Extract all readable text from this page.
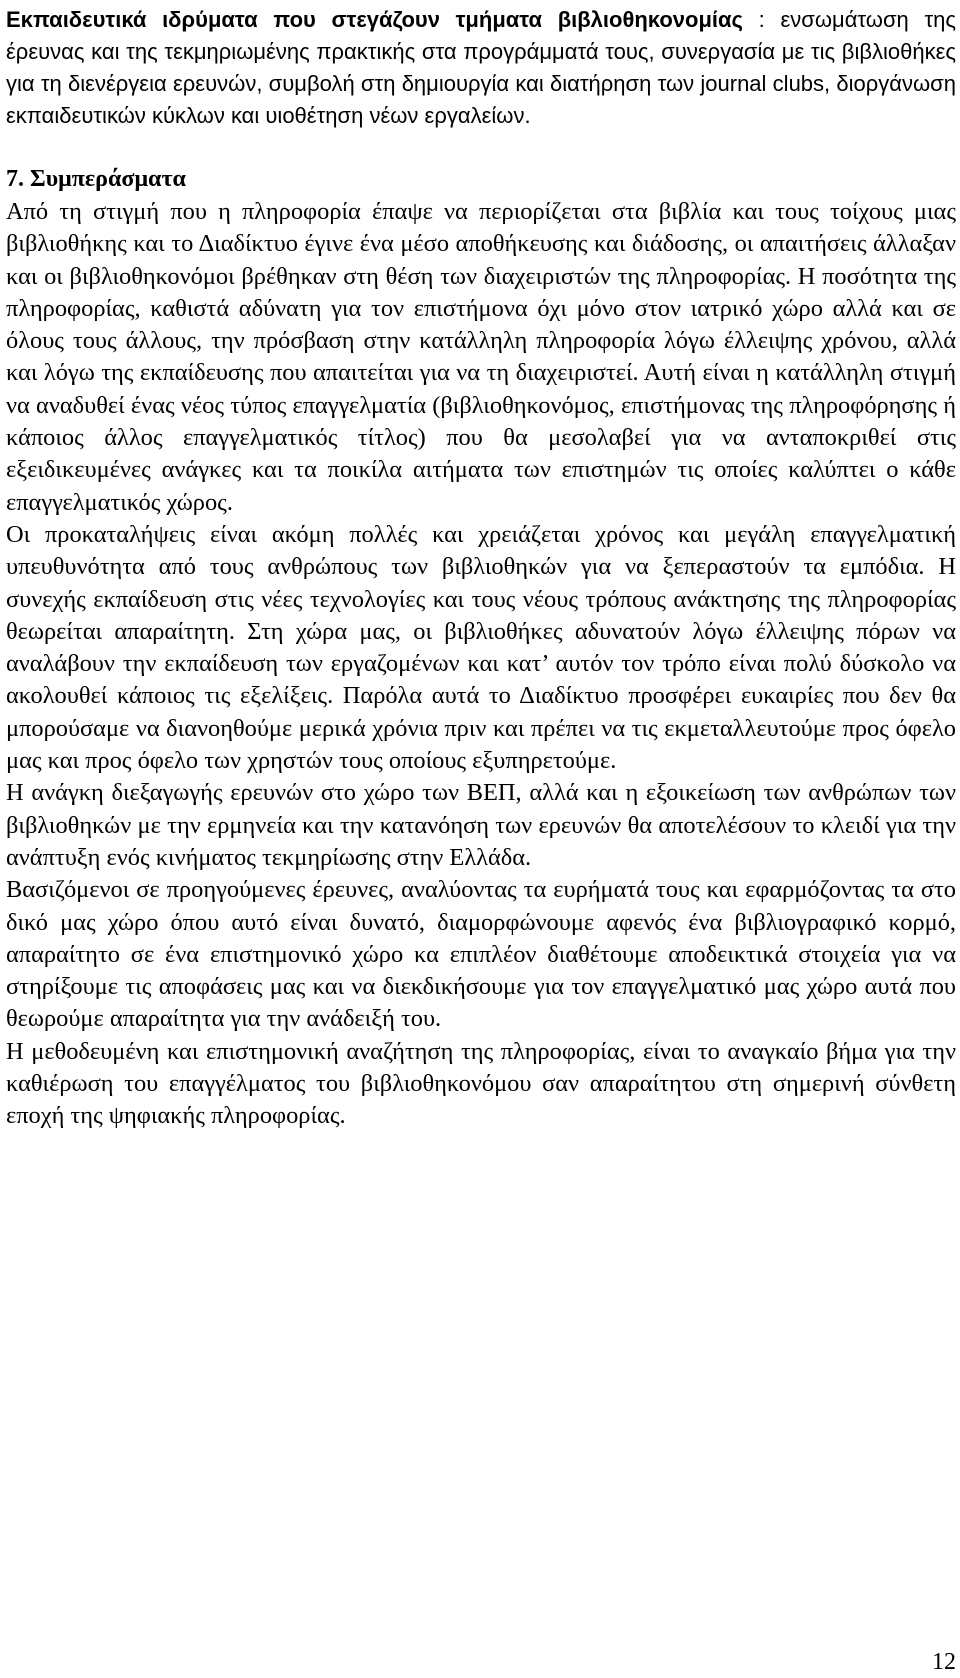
Εκπαιδευτικά ιδρύματα που στεγάζουν τμήματα βιβλιοθηκονομίας : ενσωμάτωση της έρευνας και της τεκμηριωμένης πρακτικής στα προγράμματά τους, συνεργασία με τις βιβλιοθήκες για τη διενέργεια ερευνών, συμβολή στη δημιουργία και διατήρηση των journal clubs, διοργάνωση εκπαιδευτικών κύκλων και υιοθέτηση νέων εργαλείων.

7. Συμπεράσματα

Από τη στιγμή που η πληροφορία έπαψε να περιορίζεται στα βιβλία και τους τοίχους μιας βιβλιοθήκης και το Διαδίκτυο έγινε ένα μέσο αποθήκευσης και διάδοσης, οι απαιτήσεις άλλαξαν και οι βιβλιοθηκονόμοι βρέθηκαν στη θέση των διαχειριστών της πληροφορίας. Η ποσότητα της πληροφορίας, καθιστά αδύνατη για τον επιστήμονα όχι μόνο στον ιατρικό χώρο αλλά και σε όλους τους άλλους, την πρόσβαση στην κατάλληλη πληροφορία λόγω έλλειψης χρόνου, αλλά και λόγω της εκπαίδευσης που απαιτείται για να τη διαχειριστεί. Αυτή είναι η κατάλληλη στιγμή να αναδυθεί ένας νέος τύπος επαγγελματία (βιβλιοθηκονόμος, επιστήμονας της πληροφόρησης ή κάποιος άλλος επαγγελματικός τίτλος) που θα μεσολαβεί για να ανταποκριθεί στις εξειδικευμένες ανάγκες και τα ποικίλα αιτήματα των επιστημών τις οποίες καλύπτει ο κάθε επαγγελματικός χώρος.

Οι προκαταλήψεις είναι ακόμη πολλές και χρειάζεται χρόνος και μεγάλη επαγγελματική υπευθυνότητα από τους ανθρώπους των βιβλιοθηκών για να ξεπεραστούν τα εμπόδια. Η συνεχής εκπαίδευση στις νέες τεχνολογίες και τους νέους τρόπους ανάκτησης της πληροφορίας θεωρείται απαραίτητη. Στη χώρα μας, οι βιβλιοθήκες αδυνατούν λόγω έλλειψης πόρων να αναλάβουν την εκπαίδευση των εργαζομένων και κατ’ αυτόν τον τρόπο είναι πολύ δύσκολο να ακολουθεί κάποιος τις εξελίξεις. Παρόλα αυτά το Διαδίκτυο προσφέρει ευκαιρίες που δεν θα μπορούσαμε να διανοηθούμε μερικά χρόνια πριν και πρέπει να τις εκμεταλλευτούμε προς όφελο μας και προς όφελο των χρηστών τους οποίους εξυπηρετούμε.

Η ανάγκη διεξαγωγής ερευνών στο χώρο των ΒΕΠ, αλλά και η εξοικείωση των ανθρώπων των βιβλιοθηκών με την ερμηνεία και την κατανόηση των ερευνών θα αποτελέσουν το κλειδί για την ανάπτυξη ενός κινήματος τεκμηρίωσης στην Ελλάδα.

Βασιζόμενοι σε προηγούμενες έρευνες, αναλύοντας τα ευρήματά τους και εφαρμόζοντας τα στο δικό μας χώρο όπου αυτό είναι δυνατό, διαμορφώνουμε αφενός ένα βιβλιογραφικό κορμό, απαραίτητο σε ένα επιστημονικό χώρο κα επιπλέον διαθέτουμε αποδεικτικά στοιχεία για να στηρίξουμε τις αποφάσεις μας και να διεκδικήσουμε για τον επαγγελματικό μας χώρο αυτά που θεωρούμε απαραίτητα για την ανάδειξή του.

Η μεθοδευμένη και επιστημονική αναζήτηση της πληροφορίας, είναι το αναγκαίο βήμα για την καθιέρωση του επαγγέλματος του βιβλιοθηκονόμου σαν απαραίτητου στη σημερινή σύνθετη εποχή της ψηφιακής πληροφορίας.

12
